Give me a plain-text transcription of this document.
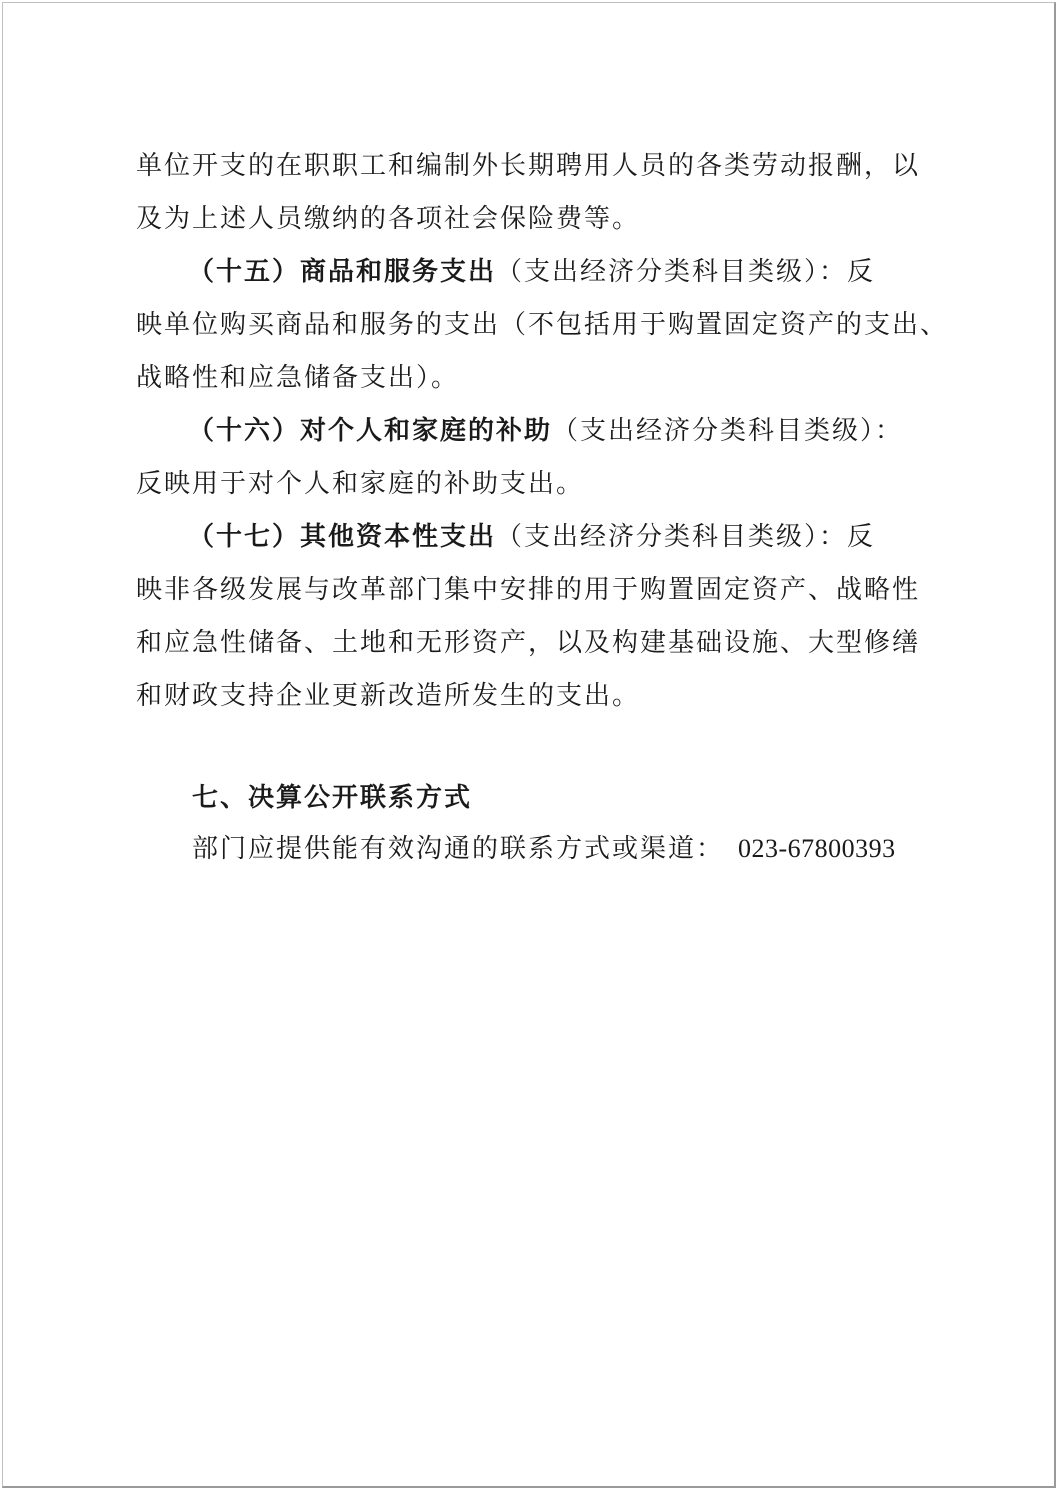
单位开支的在职职工和编制外长期聘用人员的各类劳动报酬，以
及为上述人员缴纳的各项社会保险费等。
（十五）商品和服务支出（支出经济分类科目类级）：反
映单位购买商品和服务的支出（不包括用于购置固定资产的支出、
战略性和应急储备支出）。
（十六）对个人和家庭的补助（支出经济分类科目类级）：
反映用于对个人和家庭的补助支出。
（十七）其他资本性支出（支出经济分类科目类级）：反
映非各级发展与改革部门集中安排的用于购置固定资产、战略性
和应急性储备、土地和无形资产，以及构建基础设施、大型修缮
和财政支持企业更新改造所发生的支出。
七、决算公开联系方式
部门应提供能有效沟通的联系方式或渠道： 023-67800393
